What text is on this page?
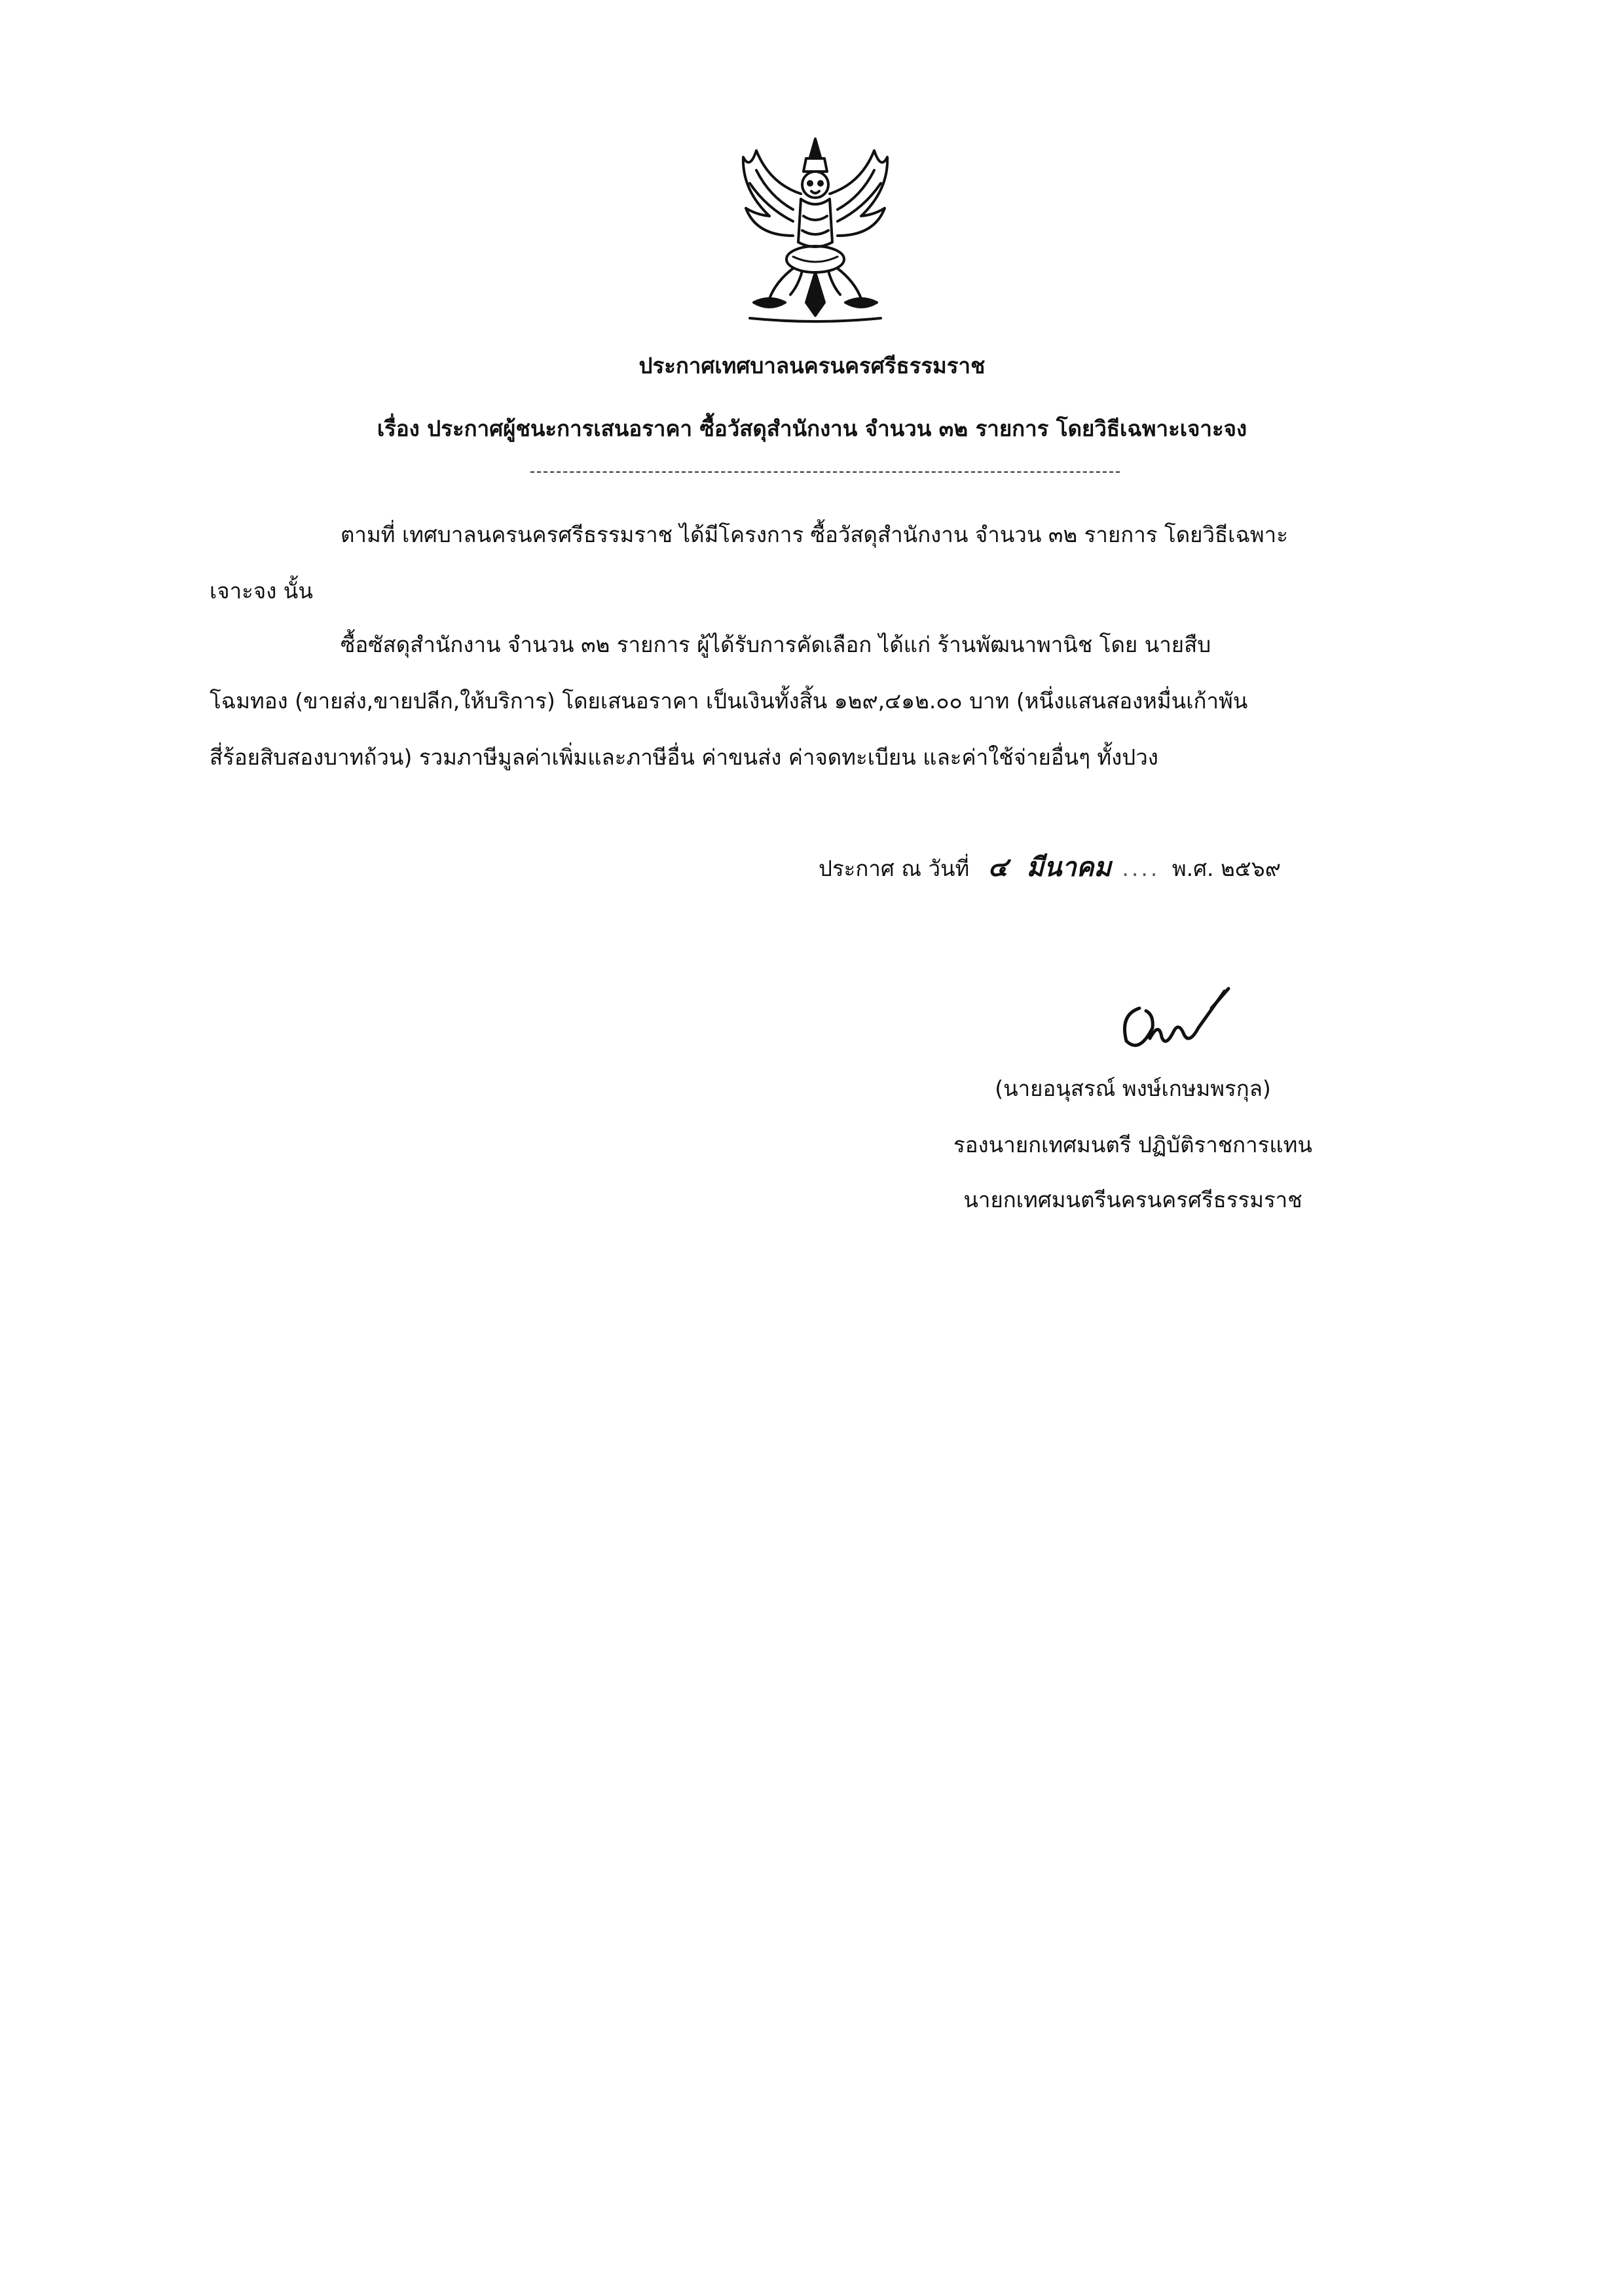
ประกาศเทศบาลนครนครศรีธรรมราช
เรื่อง ประกาศผู้ชนะการเสนอราคา ซื้อวัสดุสำนักงาน จำนวน ๓๒ รายการ โดยวิธีเฉพาะเจาะจง
ตามที่ เทศบาลนครนครศรีธรรมราช ได้มีโครงการ ซื้อวัสดุสำนักงาน จำนวน ๓๒ รายการ โดยวิธีเฉพาะ
เจาะจง นั้น
ซื้อซัสดุสำนักงาน จำนวน ๓๒ รายการ ผู้ได้รับการคัดเลือก ได้แก่ ร้านพัฒนาพานิช โดย นายสืบ
โฉมทอง (ขายส่ง,ขายปลีก,ให้บริการ) โดยเสนอราคา เป็นเงินทั้งสิ้น ๑๒๙,๔๑๒.๐๐ บาท (หนึ่งแสนสองหมื่นเก้าพัน
สี่ร้อยสิบสองบาทถ้วน) รวมภาษีมูลค่าเพิ่มและภาษีอื่น ค่าขนส่ง ค่าจดทะเบียน และค่าใช้จ่ายอื่นๆ ทั้งปวง
ประกาศ ณ วันที่ ๔ มีนาคม .... พ.ศ. ๒๕๖๙
(นายอนุสรณ์ พงษ์เกษมพรกุล)
รองนายกเทศมนตรี ปฏิบัติราชการแทน
นายกเทศมนตรีนครนครศรีธรรมราช
